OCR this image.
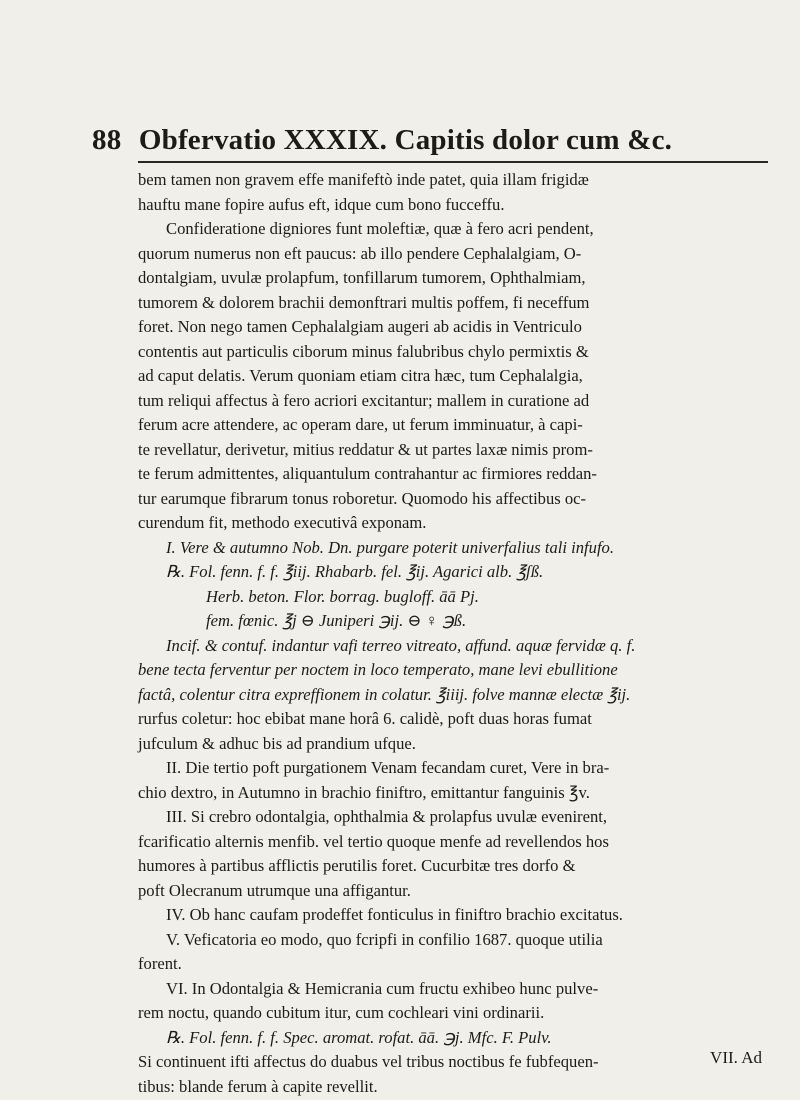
88 Obfervatio XXXIX. Capitis dolor cum &c.
bem tamen non gravem effe manifeftò inde patet, quia illam frigidæ
hauftu mane fopire aufus eft, idque cum bono fucceffu.
Confideratione digniores funt moleftiæ, quæ à fero acri pendent,
quorum numerus non eft paucus: ab illo pendere Cephalalgiam, O-
dontalgiam, uvulæ prolapfum, tonfillarum tumorem, Ophthalmiam,
tumorem & dolorem brachii demonftrari multis poffem, fi neceffum
foret. Non nego tamen Cephalalgiam augeri ab acidis in Ventriculo
contentis aut particulis ciborum minus falubribus chylo permixtis &
ad caput delatis. Verum quoniam etiam citra hæc, tum Cephalalgia,
tum reliqui affectus à fero acriori excitantur; mallem in curatione ad
ferum acre attendere, ac operam dare, ut ferum imminuatur, à capi-
te revellatur, derivetur, mitius reddatur & ut partes laxæ nimis prom-
te ferum admittentes, aliquantulum contrahantur ac firmiores reddan-
tur earumque fibrarum tonus roboretur. Quomodo his affectibus oc-
curendum fit, methodo executivâ exponam.
I. Vere & autumno Nob. Dn. purgare poterit univerfalius tali infufo.
℞. Fol. fenn. f. f. ℥iij. Rhabarb. fel. ℥ij. Agarici alb. ℥ʃß.
Herb. beton. Flor. borrag. bugloff. āā Pj.
fem. fœnic. ℥j ⊖ Juniperi ℈ij. ⊖ ♀ ℈ß.
Incif. & contuf. indantur vafi terreo vitreato, affund. aquæ fervidæ q. f.
bene tecta ferventur per noctem in loco temperato, mane levi ebullitione
factâ, colentur citra expreffionem in colatur. ℥iiij. folve mannæ electæ ℥ij.
rurfus coletur: hoc ebibat mane horâ 6. calidè, poft duas horas fumat
jufculum & adhuc bis ad prandium ufque.
II. Die tertio poft purgationem Venam fecandam curet, Vere in bra-
chio dextro, in Autumno in brachio finiftro, emittantur fanguinis ℥v.
III. Si crebro odontalgia, ophthalmia & prolapfus uvulæ evenirent,
fcarificatio alternis menfib. vel tertio quoque menfe ad revellendos hos
humores à partibus afflictis perutilis foret. Cucurbitæ tres dorfo &
poft Olecranum utrumque una affigantur.
IV. Ob hanc caufam prodeffet fonticulus in finiftro brachio excitatus.
V. Veficatoria eo modo, quo fcripfi in confilio 1687. quoque utilia
forent.
VI. In Odontalgia & Hemicrania cum fructu exhibeo hunc pulve-
rem noctu, quando cubitum itur, cum cochleari vini ordinarii.
℞. Fol. fenn. f. f. Spec. aromat. rofat. āā. ℈j. Mfc. F. Pulv.
Si continuent ifti affectus do duabus vel tribus noctibus fe fubfequen-
tibus: blande ferum à capite revellit.
VII. Ad
